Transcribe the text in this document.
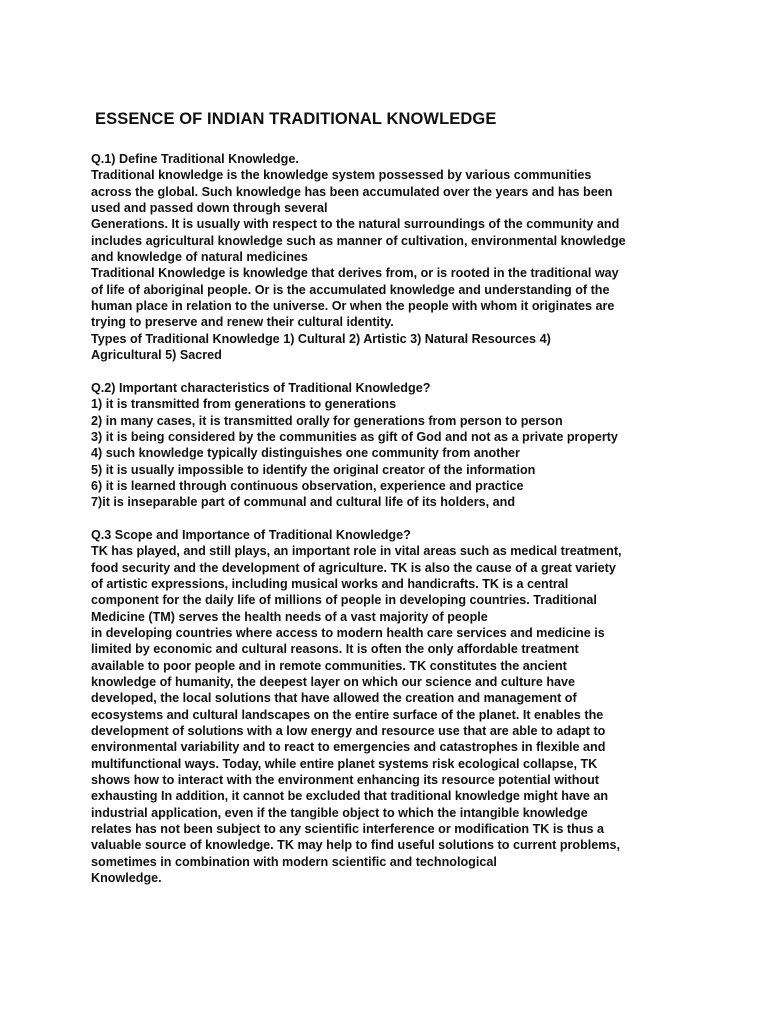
ESSENCE OF INDIAN TRADITIONAL KNOWLEDGE
Q.1) Define Traditional Knowledge.
Traditional knowledge is the knowledge system possessed by various communities
across the global. Such knowledge has been accumulated over the years and has been
used and passed down through several
Generations. It is usually with respect to the natural surroundings of the community and
includes agricultural knowledge such as manner of cultivation, environmental knowledge
and knowledge of natural medicines
Traditional Knowledge is knowledge that derives from, or is rooted in the traditional way
of life of aboriginal people. Or is the accumulated knowledge and understanding of the
human place in relation to the universe. Or when the people with whom it originates are
trying to preserve and renew their cultural identity.
Types of Traditional Knowledge 1) Cultural 2) Artistic 3) Natural Resources 4)
Agricultural 5) Sacred
Q.2) Important characteristics of Traditional Knowledge?
1) it is transmitted from generations to generations
2) in many cases, it is transmitted orally for generations from person to person
3) it is being considered by the communities as gift of God and not as a private property
4) such knowledge typically distinguishes one community from another
5) it is usually impossible to identify the original creator of the information
6) it is learned through continuous observation, experience and practice
7)it is inseparable part of communal and cultural life of its holders, and
Q.3 Scope and Importance of Traditional Knowledge?
TK has played, and still plays, an important role in vital areas such as medical treatment,
food security and the development of agriculture. TK is also the cause of a great variety
of artistic expressions, including musical works and handicrafts. TK is a central
component for the daily life of millions of people in developing countries. Traditional
Medicine (TM) serves the health needs of a vast majority of people
in developing countries where access to modern health care services and medicine is
limited by economic and cultural reasons. It is often the only affordable treatment
available to poor people and in remote communities. TK constitutes the ancient
knowledge of humanity, the deepest layer on which our science and culture have
developed, the local solutions that have allowed the creation and management of
ecosystems and cultural landscapes on the entire surface of the planet. It enables the
development of solutions with a low energy and resource use that are able to adapt to
environmental variability and to react to emergencies and catastrophes in flexible and
multifunctional ways. Today, while entire planet systems risk ecological collapse, TK
shows how to interact with the environment enhancing its resource potential without
exhausting In addition, it cannot be excluded that traditional knowledge might have an
industrial application, even if the tangible object to which the intangible knowledge
relates has not been subject to any scientific interference or modification TK is thus a
valuable source of knowledge. TK may help to find useful solutions to current problems,
sometimes in combination with modern scientific and technological
Knowledge.
